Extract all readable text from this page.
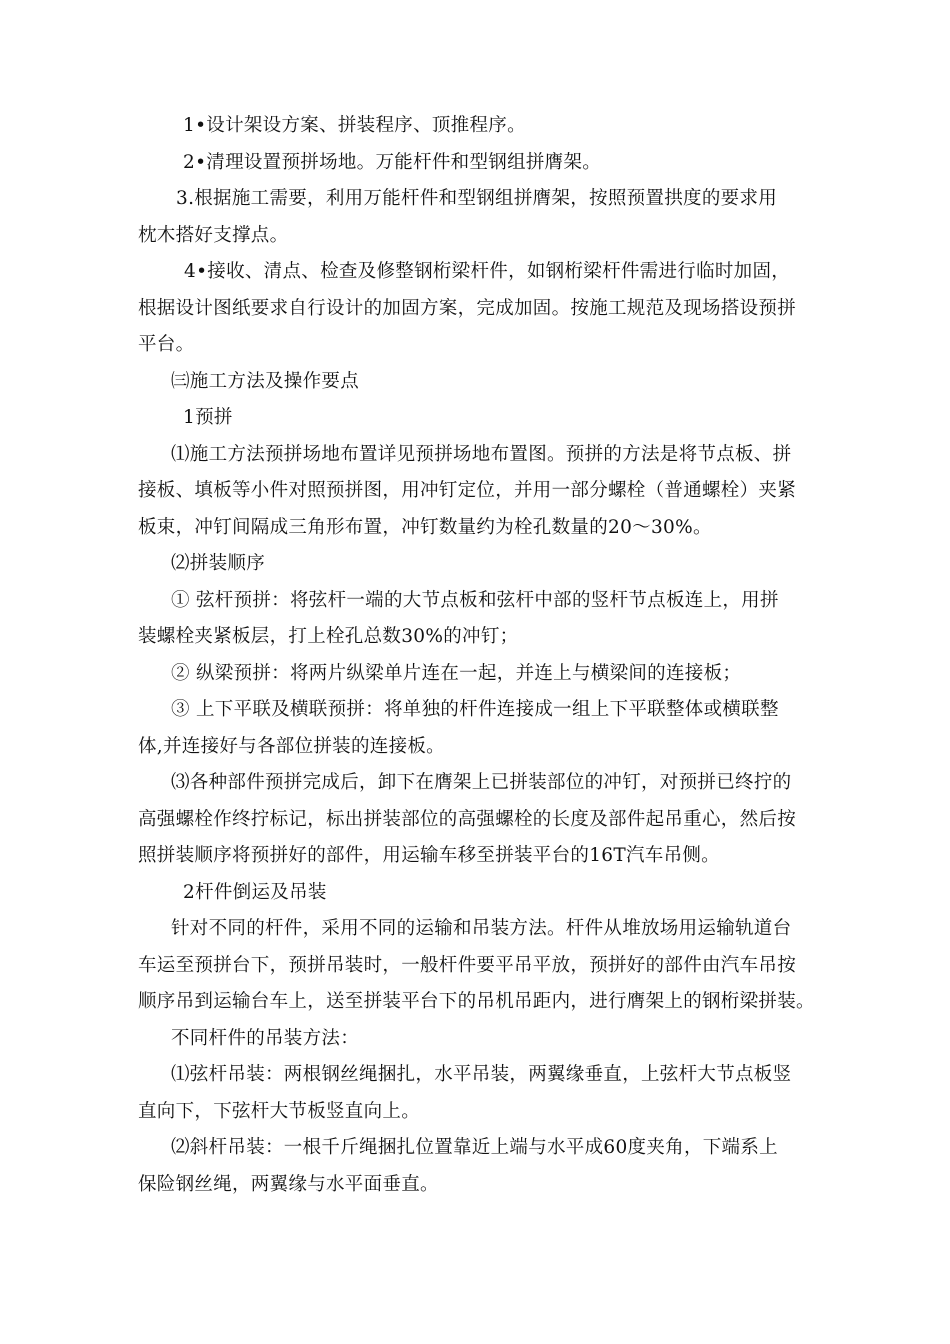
1•设计架设方案、拼装程序、顶推程序。
2•清理设置预拼场地。万能杆件和型钢组拼膺架。
3.根据施工需要，利用万能杆件和型钢组拼膺架，按照预置拱度的要求用
枕木搭好支撑点。
4•接收、清点、检查及修整钢桁梁杆件，如钢桁梁杆件需进行临时加固，
根据设计图纸要求自行设计的加固方案，完成加固。按施工规范及现场搭设预拼
平台。
㈢施工方法及操作要点
1预拼
⑴施工方法预拼场地布置详见预拼场地布置图。预拼的方法是将节点板、拼
接板、填板等小件对照预拼图，用冲钉定位，并用一部分螺栓（普通螺栓）夹紧
板束，冲钉间隔成三角形布置，冲钉数量约为栓孔数量的20〜30%。
⑵拼装顺序
① 弦杆预拼：将弦杆一端的大节点板和弦杆中部的竖杆节点板连上，用拼
装螺栓夹紧板层，打上栓孔总数30%的冲钉；
② 纵梁预拼：将两片纵梁单片连在一起，并连上与横梁间的连接板；
③ 上下平联及横联预拼：将单独的杆件连接成一组上下平联整体或横联整
体,并连接好与各部位拼装的连接板。
⑶各种部件预拼完成后，卸下在膺架上已拼装部位的冲钉，对预拼已终拧的
高强螺栓作终拧标记，标出拼装部位的高强螺栓的长度及部件起吊重心，然后按
照拼装顺序将预拼好的部件，用运输车移至拼装平台的16T汽车吊侧。
2杆件倒运及吊装
针对不同的杆件，采用不同的运输和吊装方法。杆件从堆放场用运输轨道台
车运至预拼台下，预拼吊装时，一般杆件要平吊平放，预拼好的部件由汽车吊按
顺序吊到运输台车上，送至拼装平台下的吊机吊距内，进行膺架上的钢桁梁拼装。
不同杆件的吊装方法：
⑴弦杆吊装：两根钢丝绳捆扎，水平吊装，两翼缘垂直，上弦杆大节点板竖
直向下，下弦杆大节板竖直向上。
⑵斜杆吊装：一根千斤绳捆扎位置靠近上端与水平成60度夹角，下端系上
保险钢丝绳，两翼缘与水平面垂直。
